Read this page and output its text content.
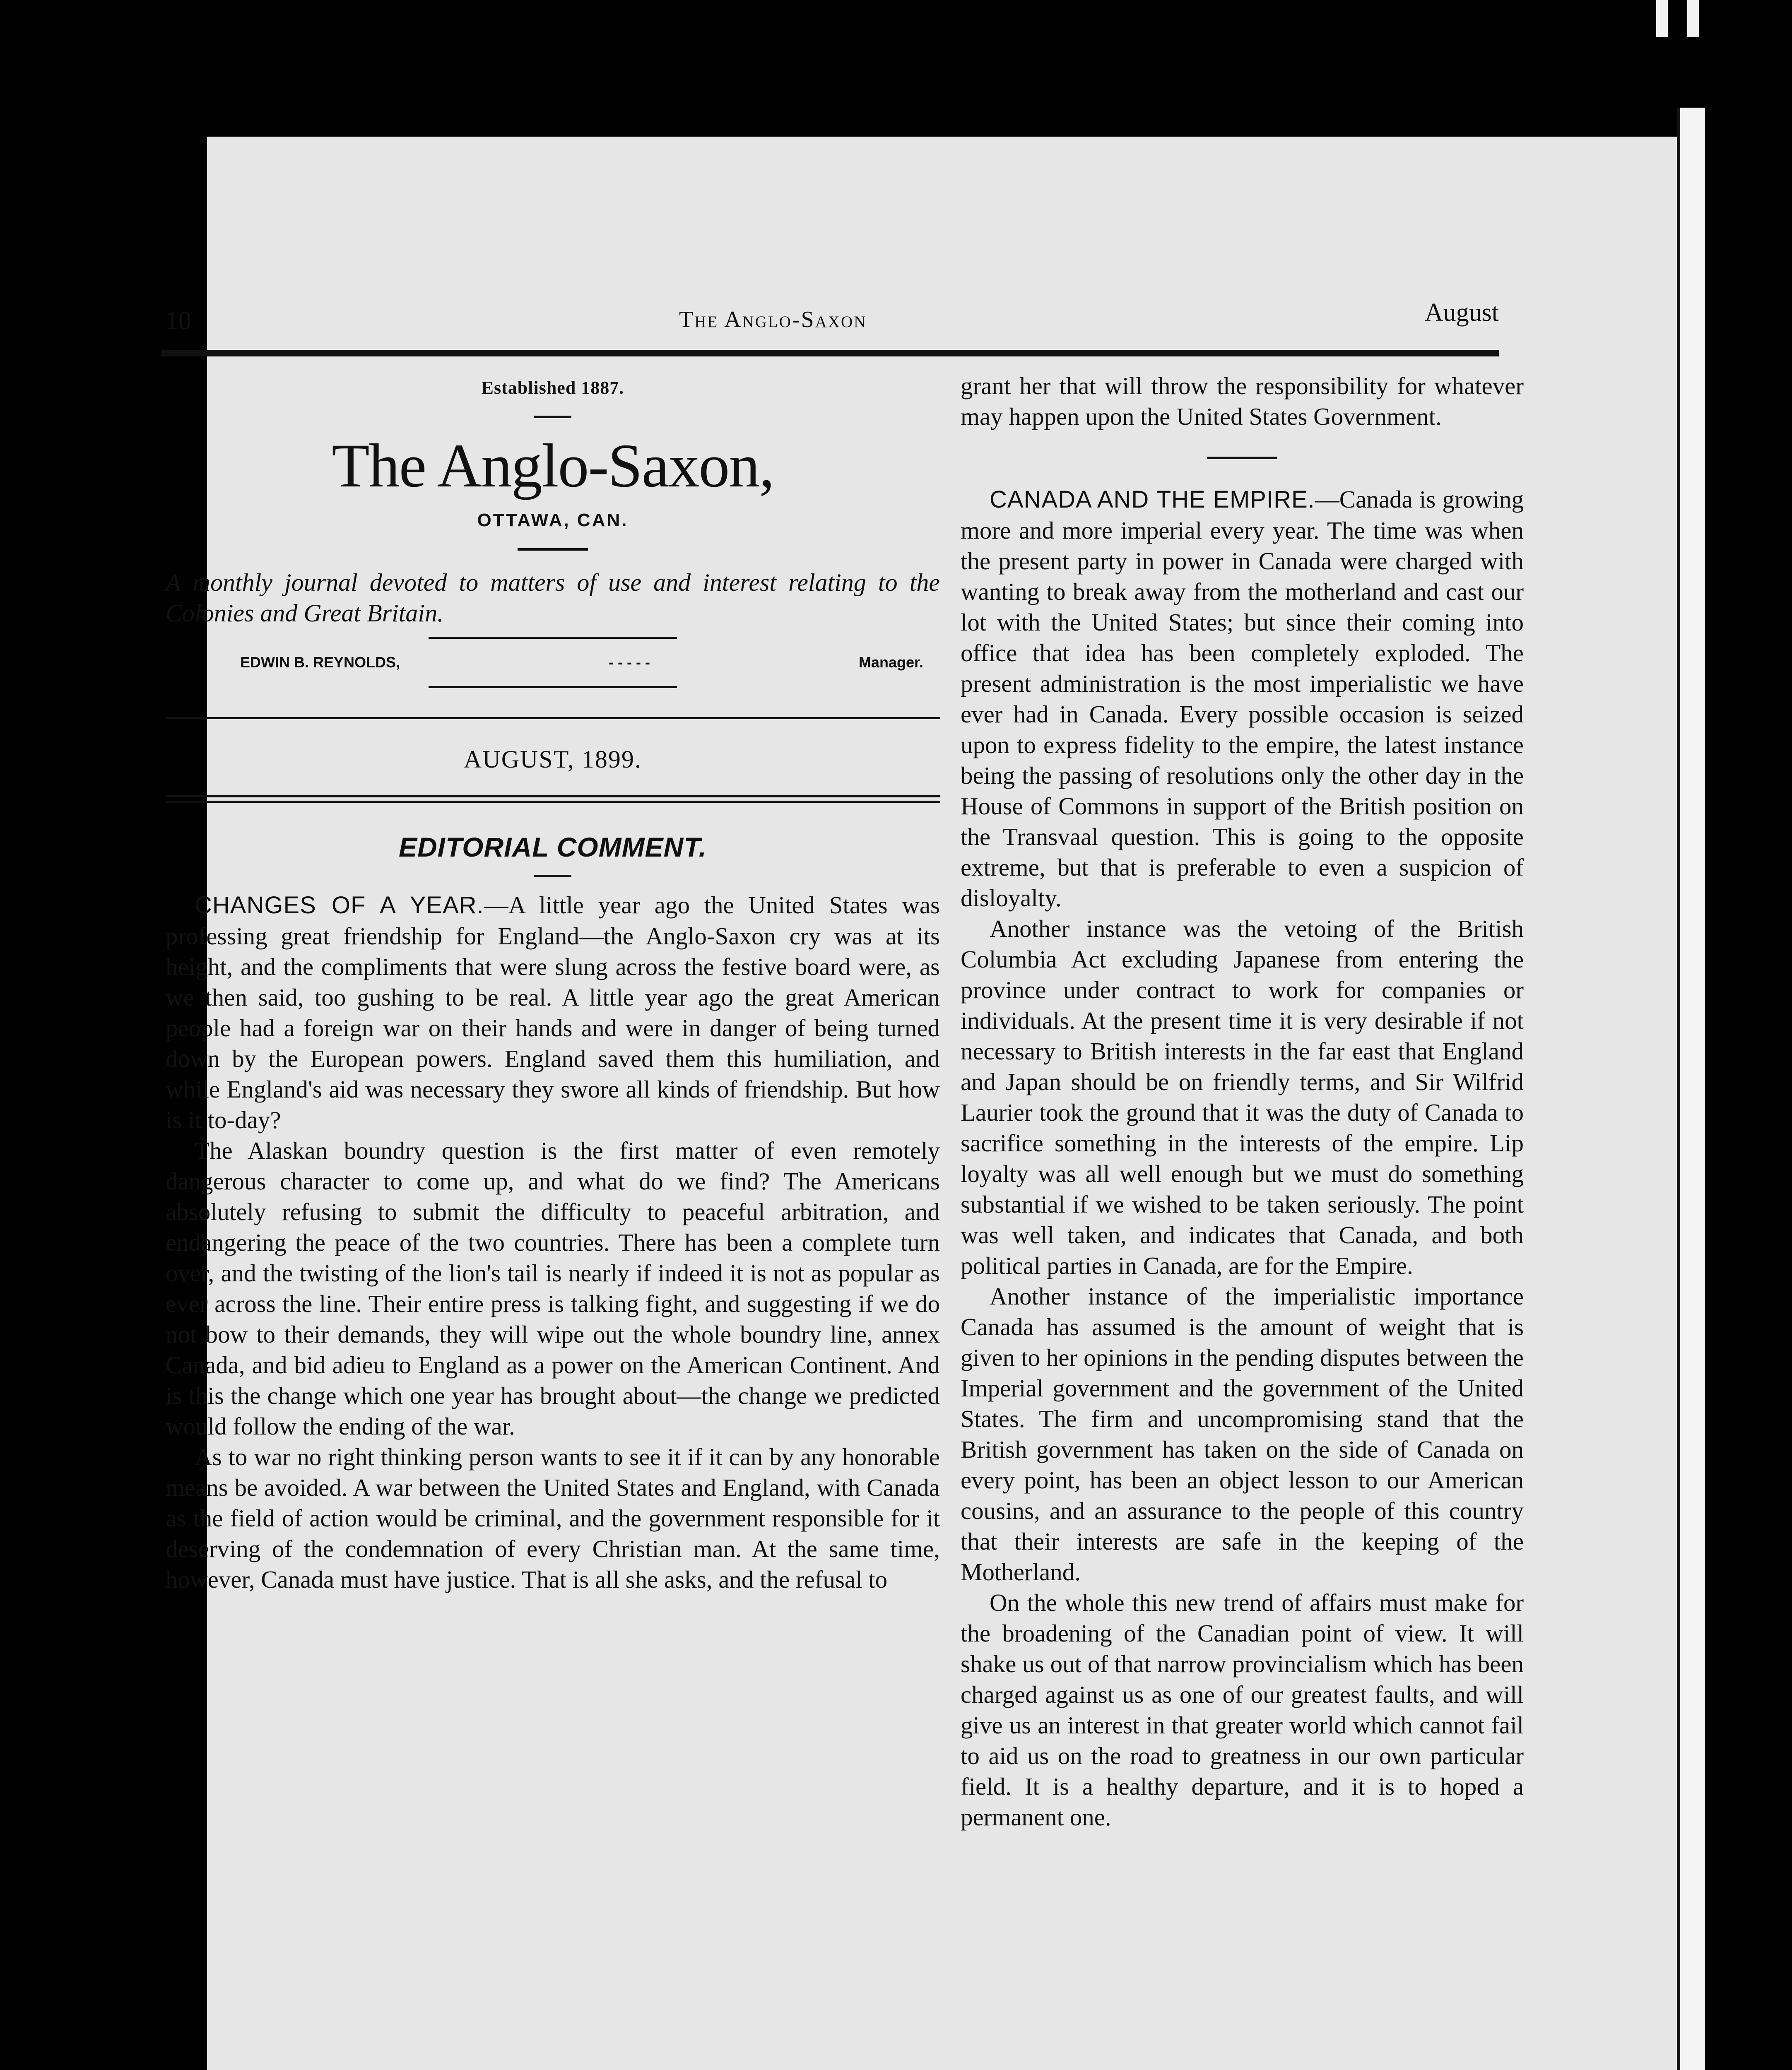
10	The Anglo-Saxon	August
Established 1887.
The Anglo-Saxon,
OTTAWA, CAN.

A monthly journal devoted to matters of use and interest relating to the Colonies and Great Britain.

EDWIN B. REYNOLDS,	- - - - -	Manager.
AUGUST, 1899.
EDITORIAL COMMENT.

CHANGES OF A YEAR.—A little year ago the United States was professing great friendship for England—the Anglo-Saxon cry was at its height, and the compliments that were slung across the festive board were, as we then said, too gushing to be real. A little year ago the great American people had a foreign war on their hands and were in danger of being turned down by the European powers. England saved them this humiliation, and while England's aid was necessary they swore all kinds of friendship. But how is it to-day?

The Alaskan boundry question is the first matter of even remotely dangerous character to come up, and what do we find? The Americans absolutely refusing to submit the difficulty to peaceful arbitration, and endangering the peace of the two countries. There has been a complete turn over, and the twisting of the lion's tail is nearly if indeed it is not as popular as ever across the line. Their entire press is talking fight, and suggesting if we do not bow to their demands, they will wipe out the whole boundry line, annex Canada, and bid adieu to England as a power on the American Continent. And is this the change which one year has brought about—the change we predicted would follow the ending of the war.

As to war no right thinking person wants to see it if it can by any honorable means be avoided. A war between the United States and England, with Canada as the field of action would be criminal, and the government responsible for it deserving of the condemnation of every Christian man. At the same time, however, Canada must have justice. That is all she asks, and the refusal to

grant her that will throw the responsibility for whatever may happen upon the United States Government.

CANADA AND THE EMPIRE.—Canada is growing more and more imperial every year. The time was when the present party in power in Canada were charged with wanting to break away from the motherland and cast our lot with the United States; but since their coming into office that idea has been completely exploded. The present administration is the most imperialistic we have ever had in Canada. Every possible occasion is seized upon to express fidelity to the empire, the latest instance being the passing of resolutions only the other day in the House of Commons in support of the British position on the Transvaal question. This is going to the opposite extreme, but that is preferable to even a suspicion of disloyalty.

Another instance was the vetoing of the British Columbia Act excluding Japanese from entering the province under contract to work for companies or individuals. At the present time it is very desirable if not necessary to British interests in the far east that England and Japan should be on friendly terms, and Sir Wilfrid Laurier took the ground that it was the duty of Canada to sacrifice something in the interests of the empire. Lip loyalty was all well enough but we must do something substantial if we wished to be taken seriously. The point was well taken, and indicates that Canada, and both political parties in Canada, are for the Empire.

Another instance of the imperialistic importance Canada has assumed is the amount of weight that is given to her opinions in the pending disputes between the Imperial government and the government of the United States. The firm and uncompromising stand that the British government has taken on the side of Canada on every point, has been an object lesson to our American cousins, and an assurance to the people of this country that their interests are safe in the keeping of the Motherland.

On the whole this new trend of affairs must make for the broadening of the Canadian point of view. It will shake us out of that narrow provincialism which has been charged against us as one of our greatest faults, and will give us an interest in that greater world which cannot fail to aid us on the road to greatness in our own particular field. It is a healthy departure, and it is to hoped a permanent one.
